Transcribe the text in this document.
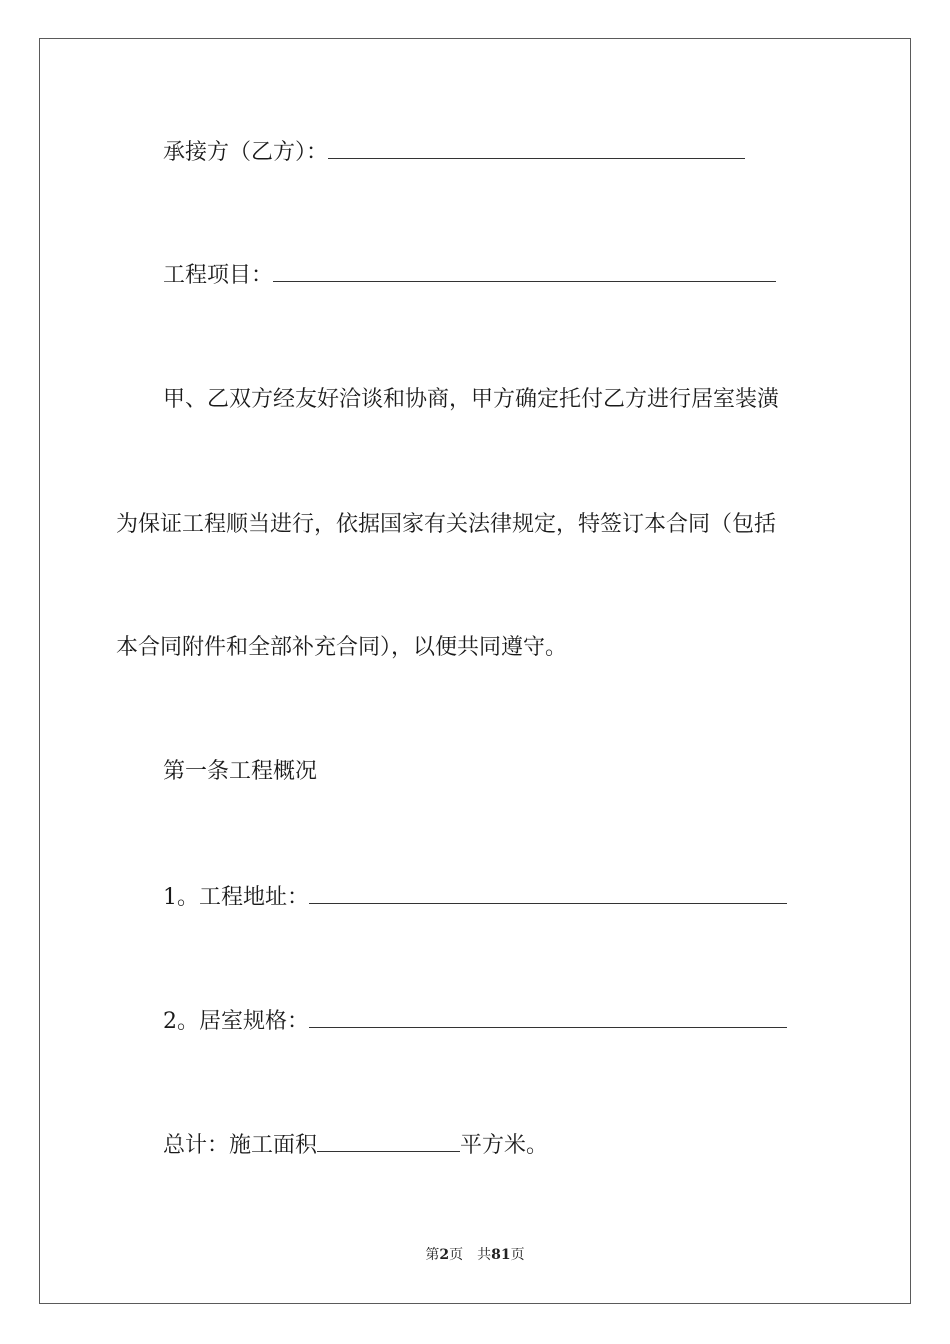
承接方（乙方）：
工程项目：
甲、乙双方经友好洽谈和协商，甲方确定托付乙方进行居室装潢
为保证工程顺当进行，依据国家有关法律规定，特签订本合同（包括
本合同附件和全部补充合同），以便共同遵守。
第一条工程概况
1。工程地址：
2。居室规格：
总计：施工面积	平方米。
第2页　共81页
